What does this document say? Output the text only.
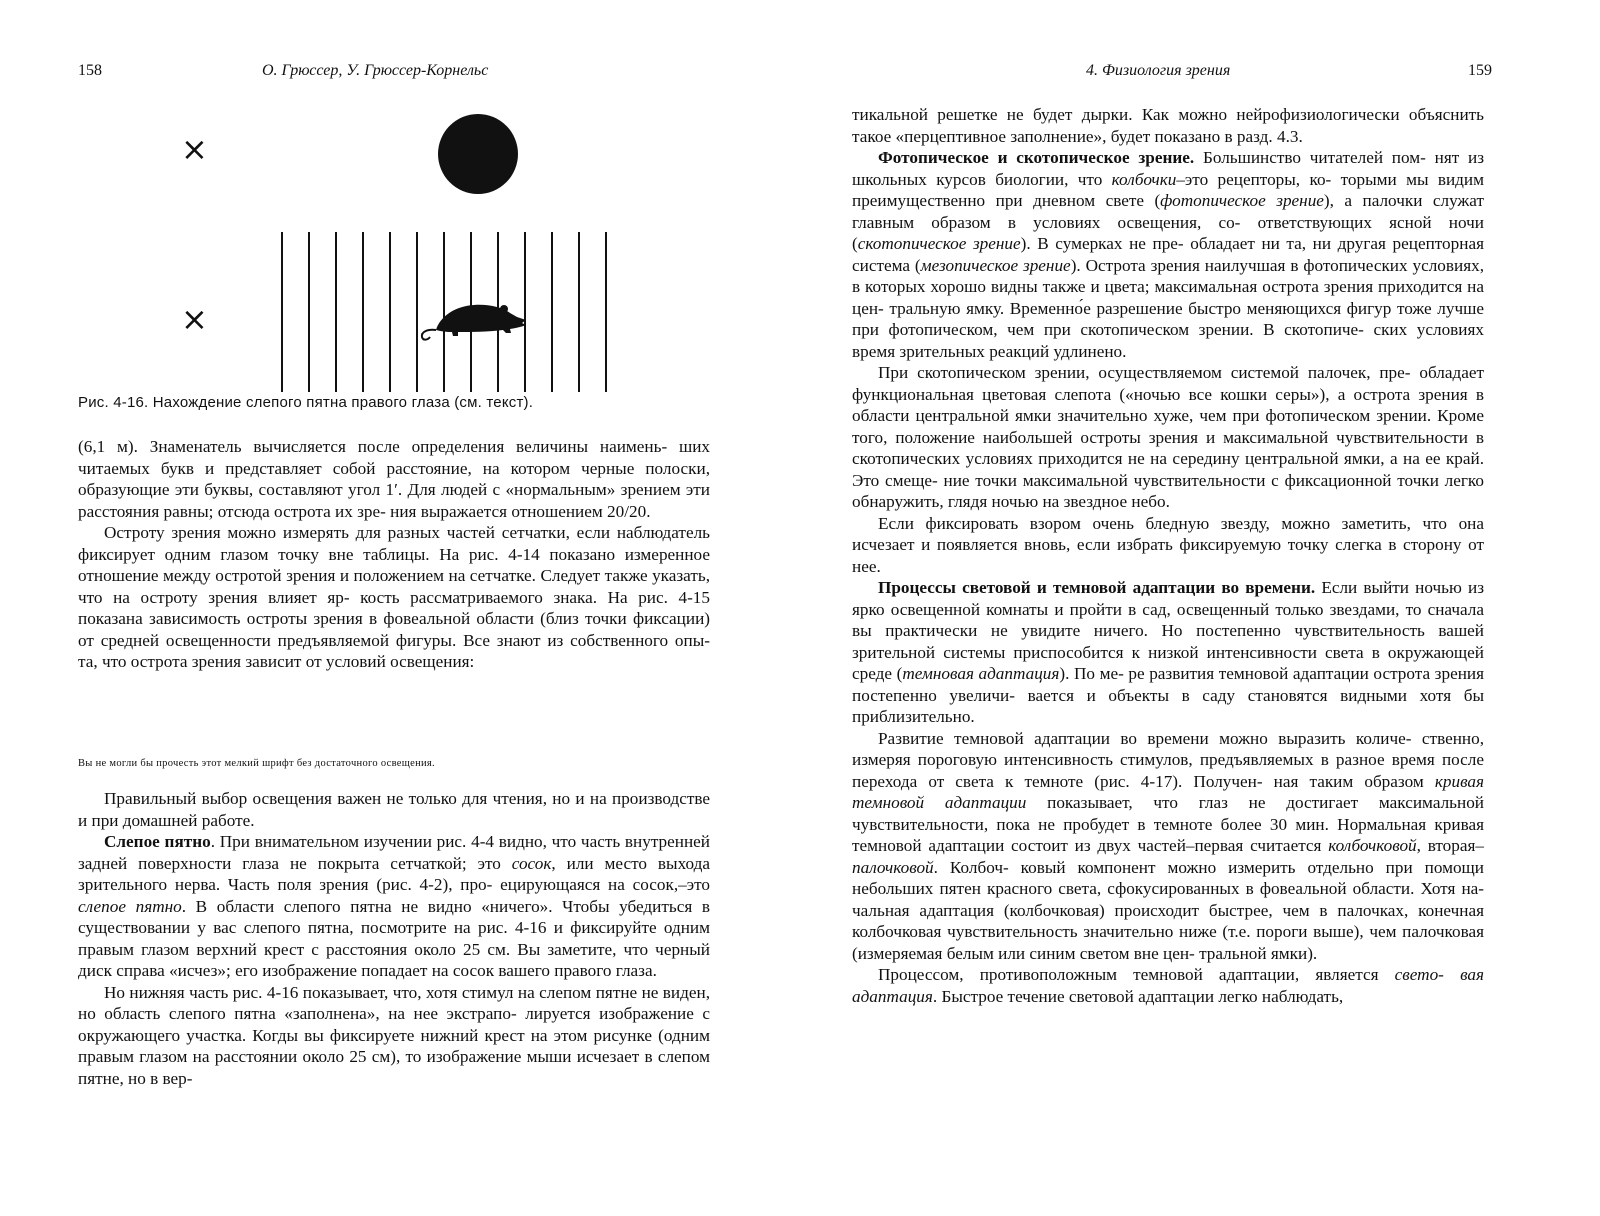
158	О. Грюссер, У. Грюссер-Корнельс
×
×
Рис. 4-16. Нахождение слепого пятна правого глаза (см. текст).

(6,1 м). Знаменатель вычисляется после определения величины наимень- ших читаемых букв и представляет собой расстояние, на котором черные полоски, образующие эти буквы, составляют угол 1′. Для людей с «нормальным» зрением эти расстояния равны; отсюда острота их зре- ния выражается отношением 20/20.

Остроту зрения можно измерять для разных частей сетчатки, если наблюдатель фиксирует одним глазом точку вне таблицы. На рис. 4-14 показано измеренное отношение между остротой зрения и положением на сетчатке. Следует также указать, что на остроту зрения влияет яр- кость рассматриваемого знака. На рис. 4-15 показана зависимость остроты зрения в фовеальной области (близ точки фиксации) от средней освещенности предъявляемой фигуры. Все знают из собственного опы- та, что острота зрения зависит от условий освещения:

Вы не могли бы прочесть этот мелкий шрифт без достаточного освещения.

Правильный выбор освещения важен не только для чтения, но и на производстве и при домашней работе.

Слепое пятно. При внимательном изучении рис. 4-4 видно, что часть внутренней задней поверхности глаза не покрыта сетчаткой; это сосок, или место выхода зрительного нерва. Часть поля зрения (рис. 4-2), про- ецирующаяся на сосок,–это слепое пятно. В области слепого пятна не видно «ничего». Чтобы убедиться в существовании у вас слепого пятна, посмотрите на рис. 4-16 и фиксируйте одним правым глазом верхний крест с расстояния около 25 см. Вы заметите, что черный диск справа «исчез»; его изображение попадает на сосок вашего правого глаза.

Но нижняя часть рис. 4-16 показывает, что, хотя стимул на слепом пятне не виден, но область слепого пятна «заполнена», на нее экстрапо- лируется изображение с окружающего участка. Когды вы фиксируете нижний крест на этом рисунке (одним правым глазом на расстоянии около 25 см), то изображение мыши исчезает в слепом пятне, но в вер-

4. Физиология зрения	159

тикальной решетке не будет дырки. Как можно нейрофизиологически объяснить такое «перцептивное заполнение», будет показано в разд. 4.3.

Фотопическое и скотопическое зрение. Большинство читателей пом- нят из школьных курсов биологии, что колбочки–это рецепторы, ко- торыми мы видим преимущественно при дневном свете (фотопическое зрение), а палочки служат главным образом в условиях освещения, со- ответствующих ясной ночи (скотопическое зрение). В сумерках не пре- обладает ни та, ни другая рецепторная система (мезопическое зрение). Острота зрения наилучшая в фотопических условиях, в которых хорошо видны также и цвета; максимальная острота зрения приходится на цен- тральную ямку. Временно́е разрешение быстро меняющихся фигур тоже лучше при фотопическом, чем при скотопическом зрении. В скотопиче- ских условиях время зрительных реакций удлинено.

При скотопическом зрении, осуществляемом системой палочек, пре- обладает функциональная цветовая слепота («ночью все кошки серы»), а острота зрения в области центральной ямки значительно хуже, чем при фотопическом зрении. Кроме того, положение наибольшей остроты зрения и максимальной чувствительности в скотопических условиях приходится не на середину центральной ямки, а на ее край. Это смеще- ние точки максимальной чувствительности с фиксационной точки легко обнаружить, глядя ночью на звездное небо.

Если фиксировать взором очень бледную звезду, можно заметить, что она исчезает и появляется вновь, если избрать фиксируемую точку слегка в сторону от нее.

Процессы световой и темновой адаптации во времени. Если выйти ночью из ярко освещенной комнаты и пройти в сад, освещенный только звездами, то сначала вы практически не увидите ничего. Но постепенно чувствительность вашей зрительной системы приспособится к низкой интенсивности света в окружающей среде (темновая адаптация). По ме- ре развития темновой адаптации острота зрения постепенно увеличи- вается и объекты в саду становятся видными хотя бы приблизительно.

Развитие темновой адаптации во времени можно выразить количе- ственно, измеряя пороговую интенсивность стимулов, предъявляемых в разное время после перехода от света к темноте (рис. 4-17). Получен- ная таким образом кривая темновой адаптации показывает, что глаз не достигает максимальной чувствительности, пока не пробудет в темноте более 30 мин. Нормальная кривая темновой адаптации состоит из двух частей–первая считается колбочковой, вторая–палочковой. Колбоч- ковый компонент можно измерить отдельно при помощи небольших пятен красного света, сфокусированных в фовеальной области. Хотя на- чальная адаптация (колбочковая) происходит быстрее, чем в палочках, конечная колбочковая чувствительность значительно ниже (т.е. пороги выше), чем палочковая (измеряемая белым или синим светом вне цен- тральной ямки).

Процессом, противоположным темновой адаптации, является свето- вая адаптация. Быстрое течение световой адаптации легко наблюдать,
